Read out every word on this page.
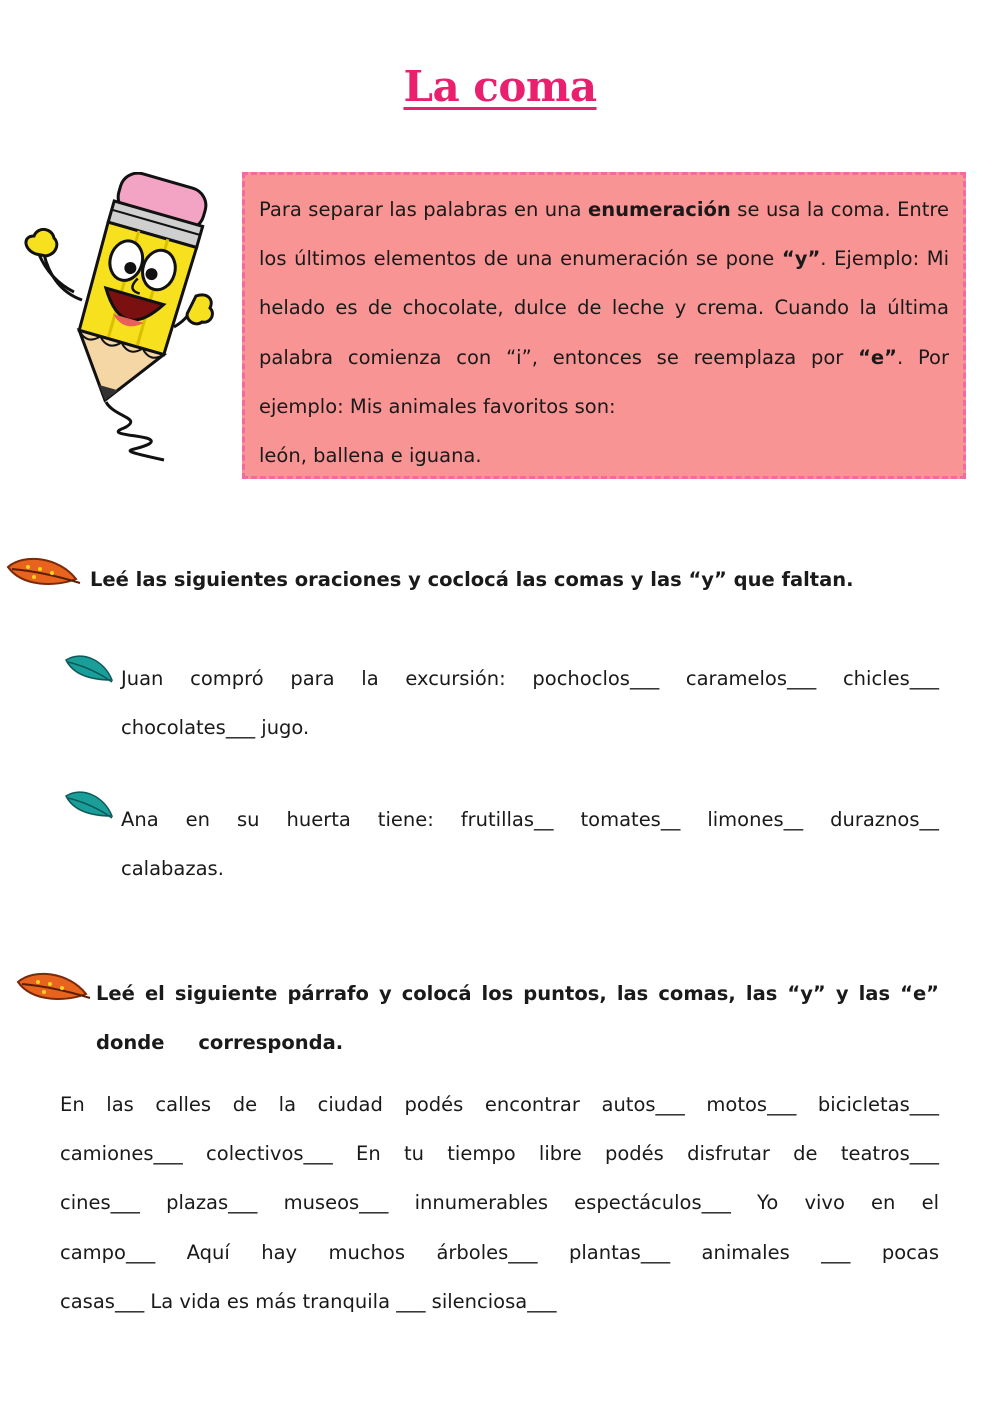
La coma

Para separar las palabras en una enumeración se usa la coma. Entre los últimos elementos de una enumeración se pone “y”. Ejemplo: Mi helado es de chocolate, dulce de leche y crema. Cuando la última palabra comienza con “i”, entonces se reemplaza por “e”. Por ejemplo: Mis animales favoritos son:
león, ballena e iguana.

Leé las siguientes oraciones y coclocá las comas y las “y” que faltan.
Juan compró para la excursión: pochoclos___ caramelos___ chicles___
chocolates___ jugo.
Ana en su huerta tiene: frutillas__ tomates__ limones__ duraznos__
calabazas.
Leé el siguiente párrafo y colocá los puntos, las comas, las “y” y las “e”
donde     corresponda.
En las calles de la ciudad podés encontrar autos___ motos___ bicicletas___
camiones___ colectivos___ En tu tiempo libre podés disfrutar de teatros___
cines___ plazas___ museos___ innumerables espectáculos___ Yo vivo en el
campo___ Aquí hay muchos árboles___ plantas___ animales ___ pocas
casas___ La vida es más tranquila ___ silenciosa___
